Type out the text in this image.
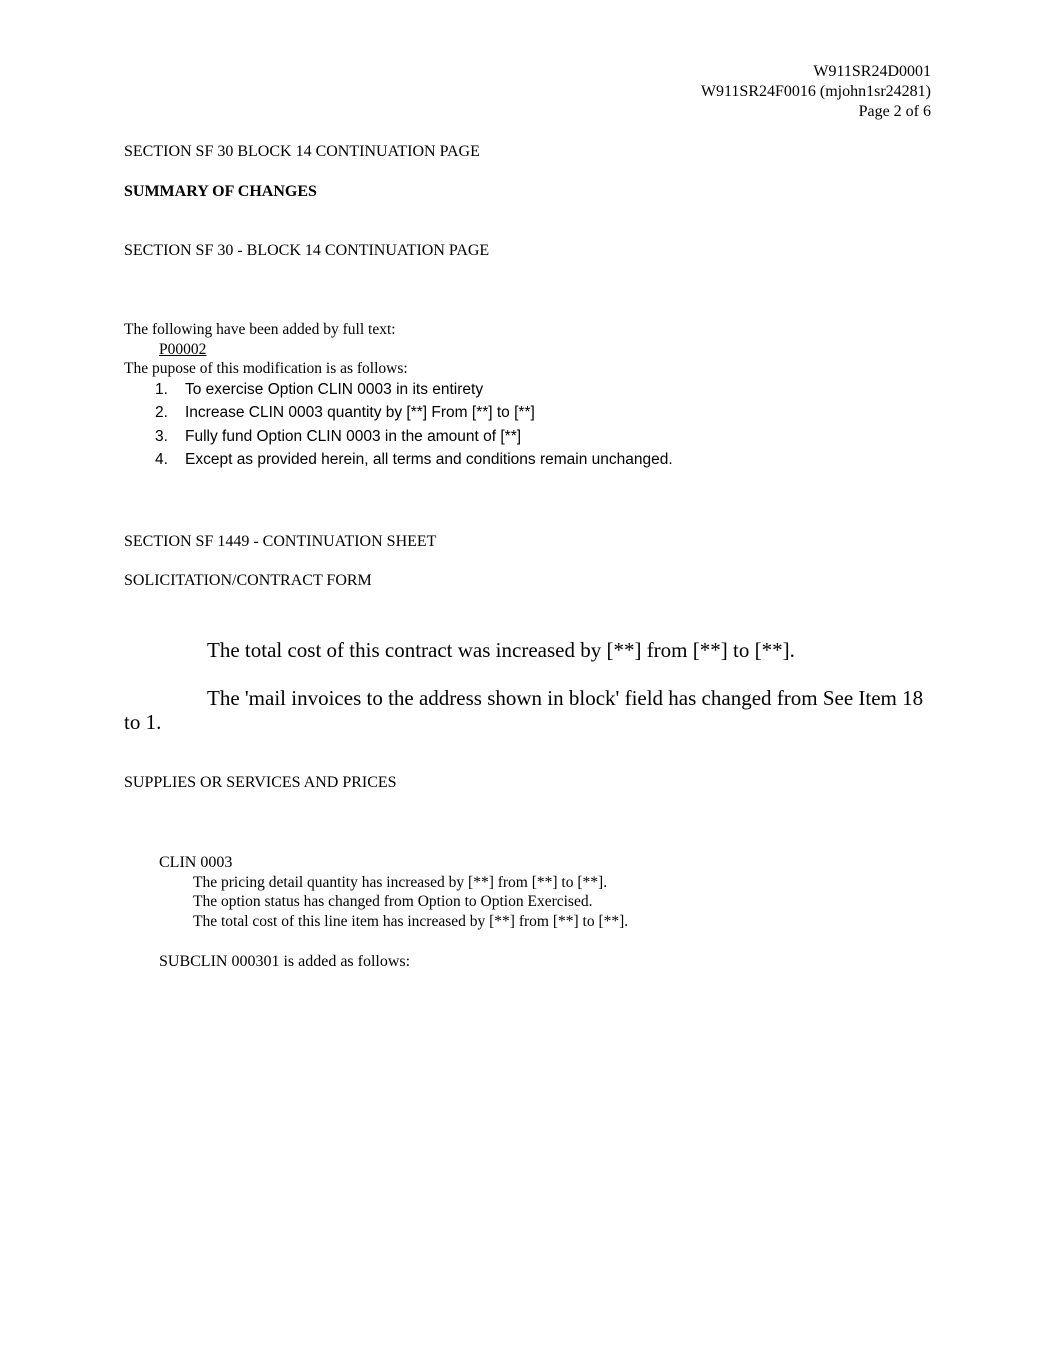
W911SR24D0001
W911SR24F0016 (mjohn1sr24281)
Page 2 of 6
SECTION SF 30 BLOCK 14 CONTINUATION PAGE
SUMMARY OF CHANGES
SECTION SF 30 - BLOCK 14 CONTINUATION PAGE
The following have been added by full text:
P00002
The pupose of this modification is as follows:
1. To exercise Option CLIN 0003 in its entirety
2. Increase CLIN 0003 quantity by [**] From [**] to [**]
3. Fully fund Option CLIN 0003 in the amount of [**]
4. Except as provided herein, all terms and conditions remain unchanged.
SECTION SF 1449 - CONTINUATION SHEET
SOLICITATION/CONTRACT FORM
The total cost of this contract was increased by [**] from [**] to [**].
The 'mail invoices to the address shown in block' field has changed from See Item 18
to 1.
SUPPLIES OR SERVICES AND PRICES
CLIN 0003
The pricing detail quantity has increased by [**] from [**] to [**].
The option status has changed from Option to Option Exercised.
The total cost of this line item has increased by [**] from [**] to [**].
SUBCLIN 000301 is added as follows:
